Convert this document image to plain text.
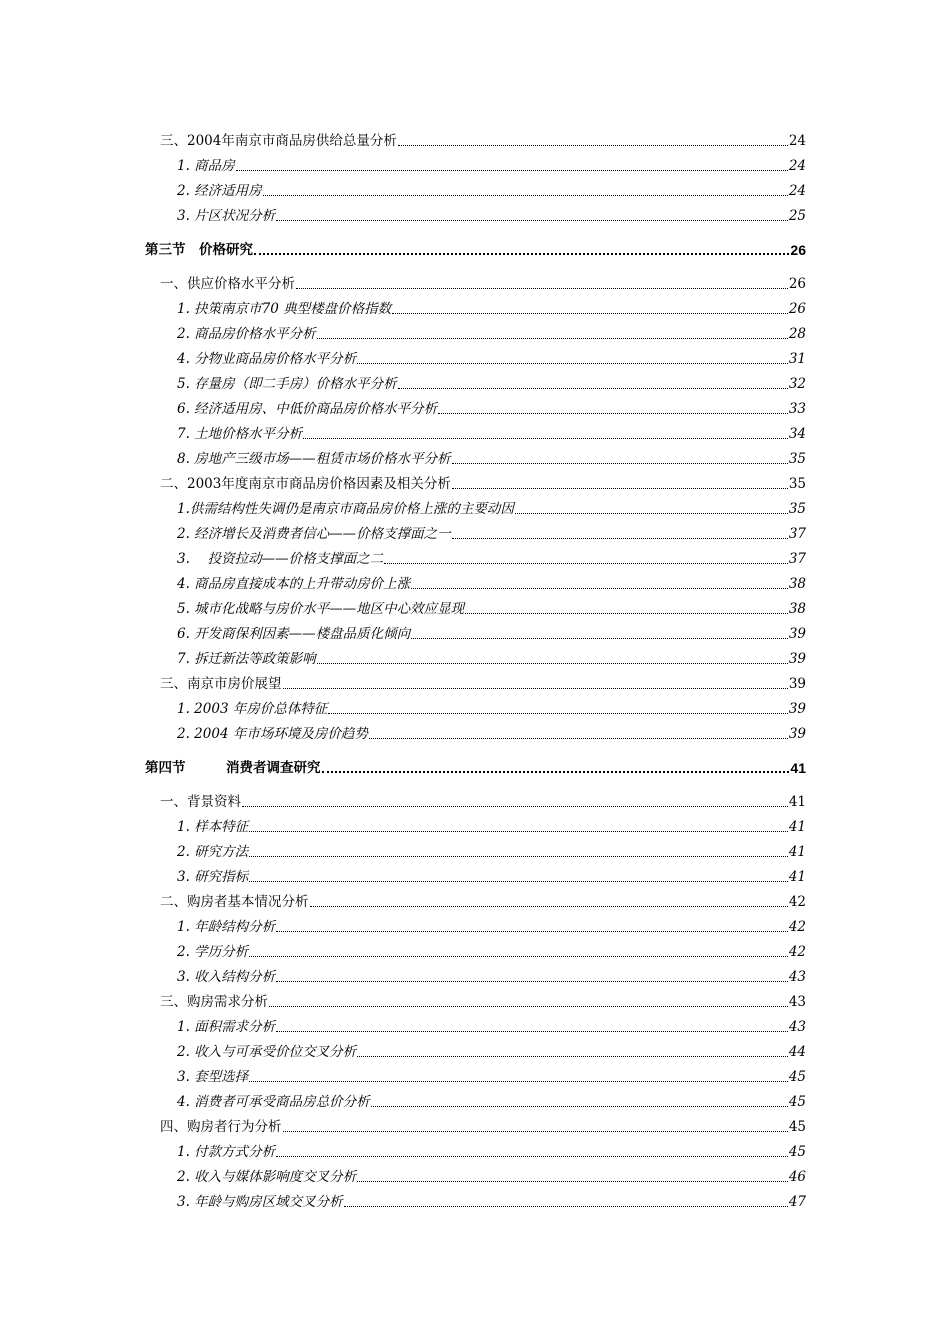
三、2004年南京市商品房供给总量分析	24
1. 商品房	24
2. 经济适用房	24
3. 片区状况分析	25
第三节　价格研究	26
一、供应价格水平分析	26
1. 抉策南京市70 典型楼盘价格指数	26
2. 商品房价格水平分析	28
4. 分物业商品房价格水平分析	31
5. 存量房（即二手房）价格水平分析	32
6. 经济适用房、中低价商品房价格水平分析	33
7. 土地价格水平分析	34
8. 房地产三级市场——租赁市场价格水平分析	35
二、2003年度南京市商品房价格因素及相关分析	35
1.供需结构性失调仍是南京市商品房价格上涨的主要动因	35
2. 经济增长及消费者信心——价格支撑面之一	37
3.　 投资拉动——价格支撑面之二	37
4. 商品房直接成本的上升带动房价上涨	38
5. 城市化战略与房价水平——地区中心效应显现	38
6. 开发商保利因素——楼盘品质化倾向	39
7. 拆迁新法等政策影响	39
三、南京市房价展望	39
1. 2003 年房价总体特征	39
2. 2004 年市场环境及房价趋势	39
第四节　　　消费者调查研究	41
一、背景资料	41
1. 样本特征	41
2. 研究方法	41
3. 研究指标	41
二、购房者基本情况分析	42
1. 年龄结构分析	42
2. 学历分析	42
3. 收入结构分析	43
三、购房需求分析	43
1. 面积需求分析	43
2. 收入与可承受价位交叉分析	44
3. 套型选择	45
4. 消费者可承受商品房总价分析	45
四、购房者行为分析	45
1. 付款方式分析	45
2. 收入与媒体影响度交叉分析	46
3. 年龄与购房区域交叉分析	47
